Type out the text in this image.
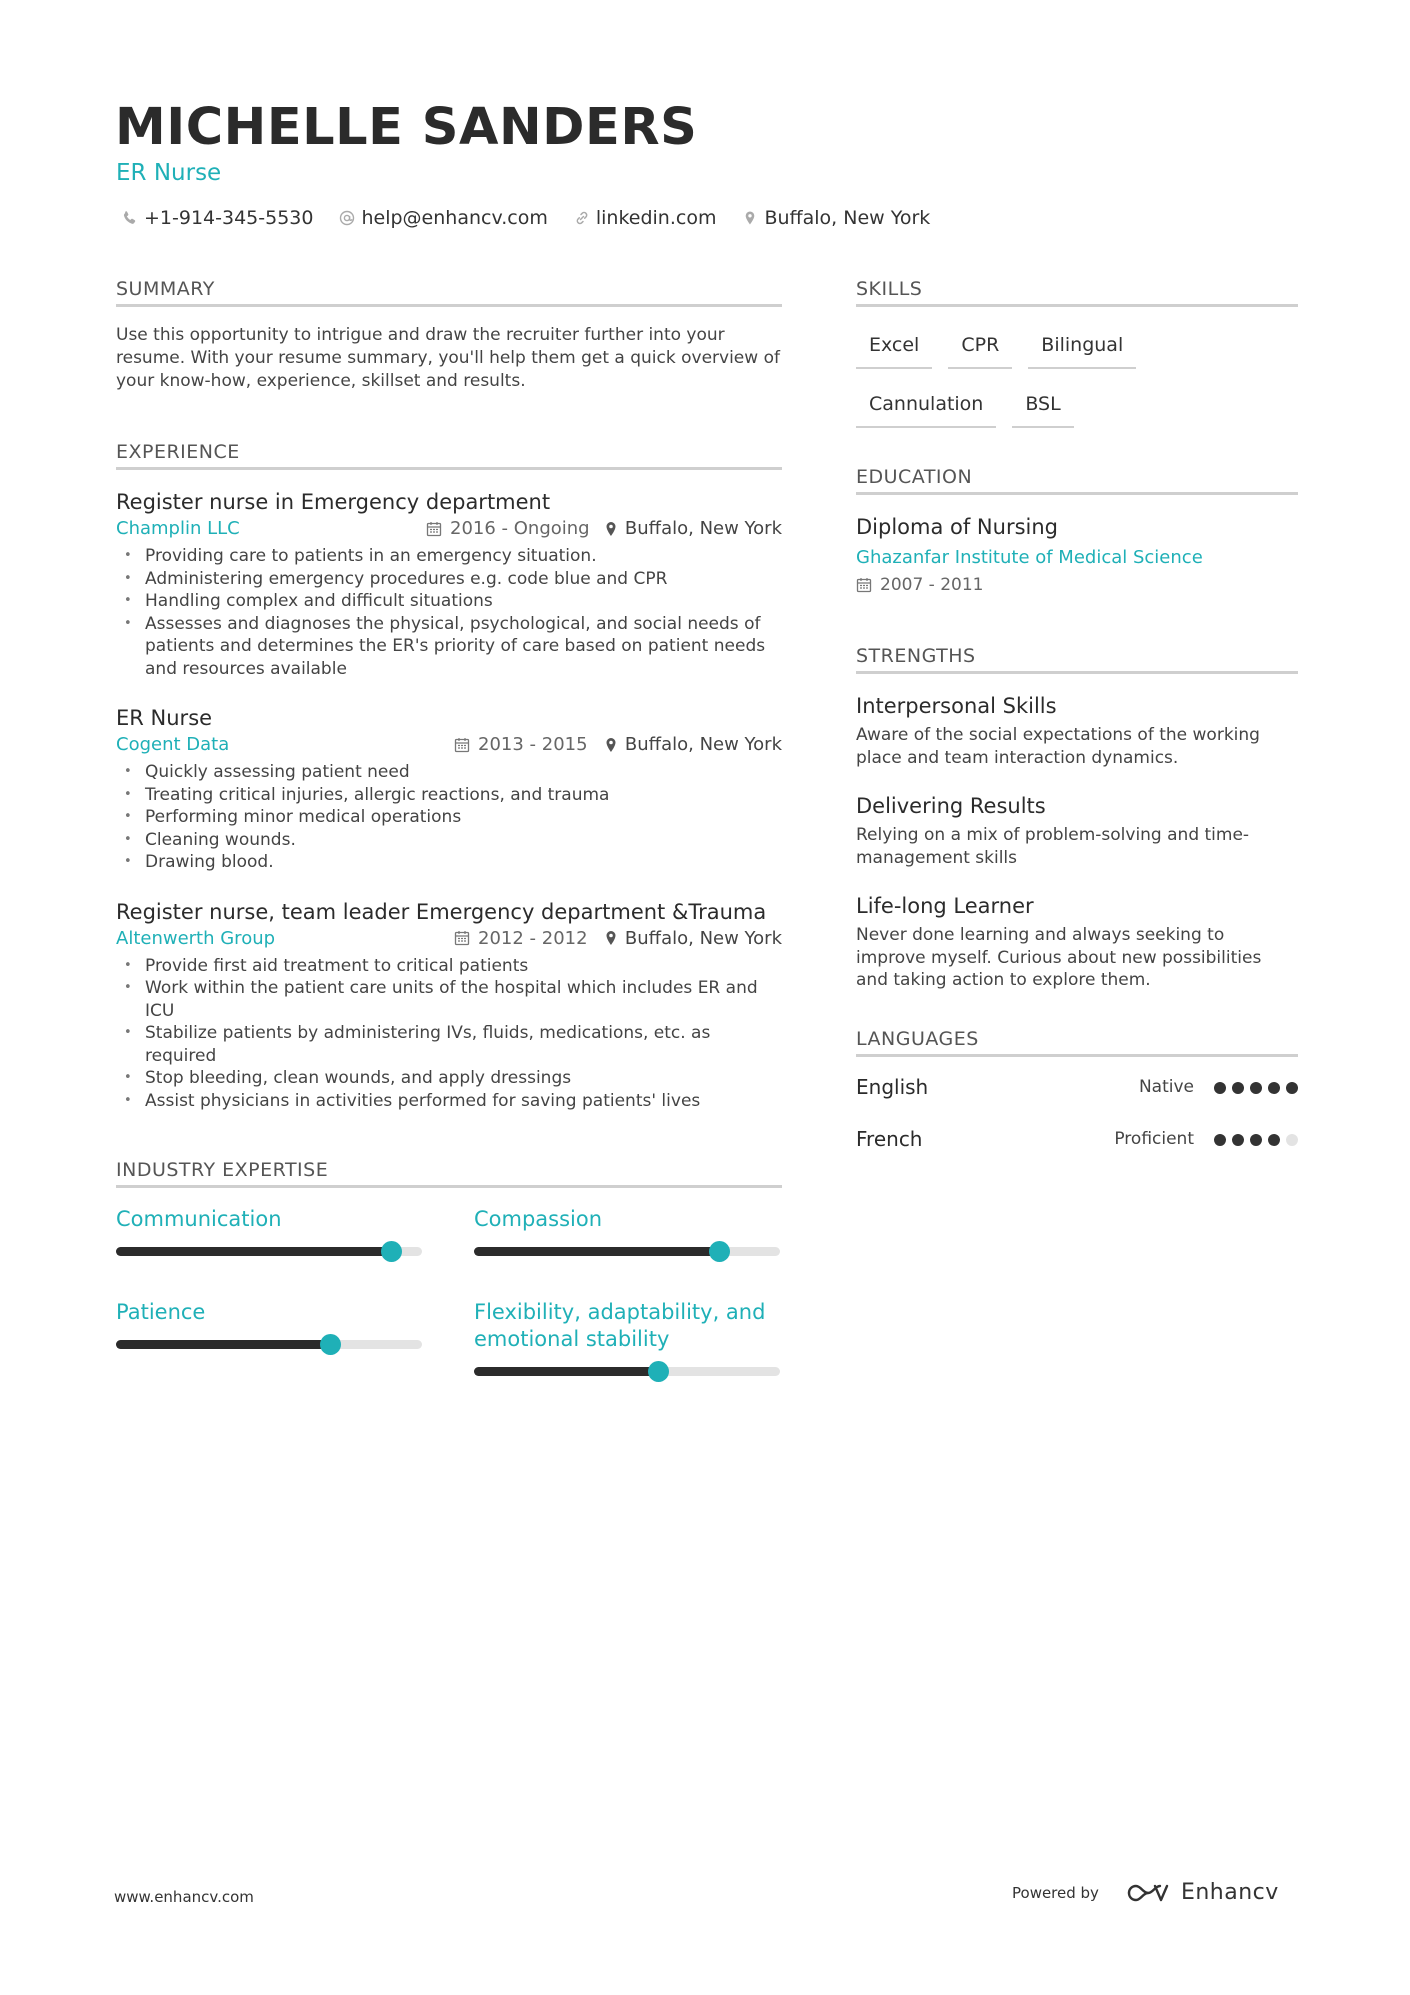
MICHELLE SANDERS
ER Nurse
+1-914-345-5530	help@enhancv.com	linkedin.com	Buffalo, New York
SUMMARY
Use this opportunity to intrigue and draw the recruiter further into your resume. With your resume summary, you'll help them get a quick overview of your know-how, experience, skillset and results.
EXPERIENCE
Register nurse in Emergency department
Champlin LLC	2016 - Ongoing Buffalo, New York
• Providing care to patients in an emergency situation.
• Administering emergency procedures e.g. code blue and CPR
• Handling complex and difficult situations
• Assesses and diagnoses the physical, psychological, and social needs of patients and determines the ER's priority of care based on patient needs and resources available
ER Nurse
Cogent Data	2013 - 2015 Buffalo, New York
• Quickly assessing patient need
• Treating critical injuries, allergic reactions, and trauma
• Performing minor medical operations
• Cleaning wounds.
• Drawing blood.
Register nurse, team leader Emergency department &Trauma
Altenwerth Group	2012 - 2012 Buffalo, New York
• Provide first aid treatment to critical patients
• Work within the patient care units of the hospital which includes ER and ICU
• Stabilize patients by administering IVs, fluids, medications, etc. as required
• Stop bleeding, clean wounds, and apply dressings
• Assist physicians in activities performed for saving patients' lives
INDUSTRY EXPERTISE
Communication	Compassion
Patience	Flexibility, adaptability, and emotional stability
SKILLS
Excel	CPR	Bilingual
Cannulation	BSL
EDUCATION
Diploma of Nursing
Ghazanfar Institute of Medical Science
2007 - 2011
STRENGTHS
Interpersonal Skills
Aware of the social expectations of the working place and team interaction dynamics.
Delivering Results
Relying on a mix of problem-solving and time-management skills
Life-long Learner
Never done learning and always seeking to improve myself. Curious about new possibilities and taking action to explore them.
LANGUAGES
English	Native
French	Proficient
www.enhancv.com	Powered by	Enhancv
